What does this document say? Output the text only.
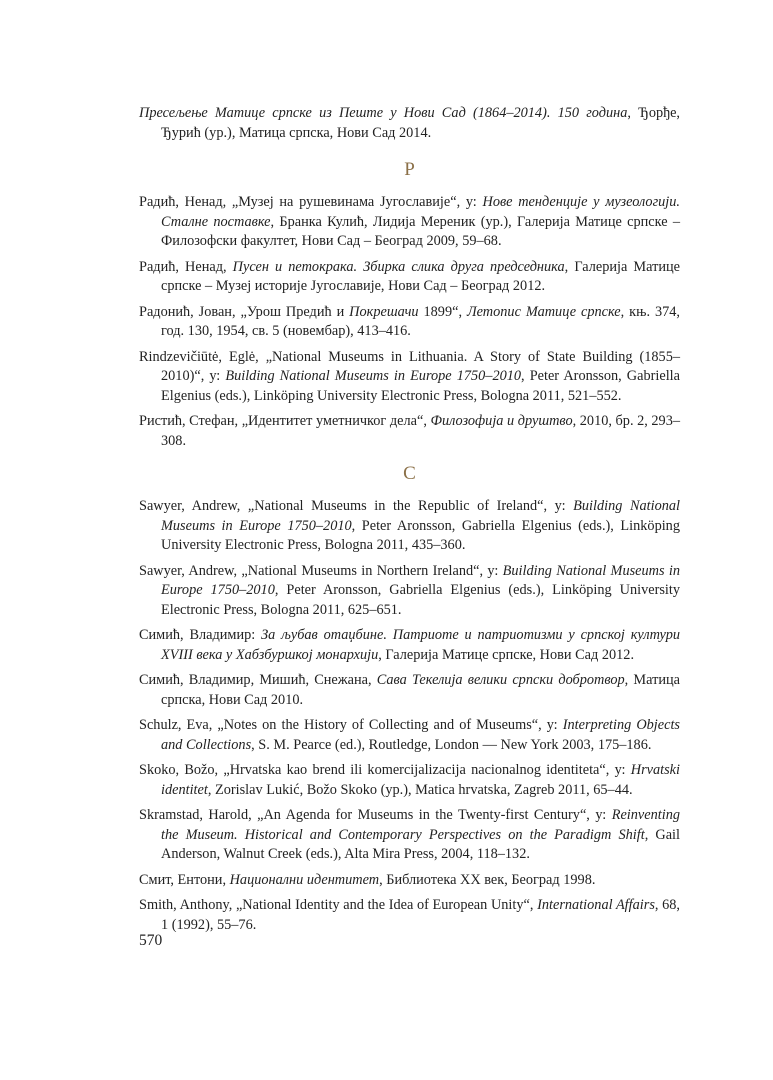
Пресељење Матице српске из Пеште у Нови Сад (1864–2014). 150 година, Ђорђе, Ђурић (ур.), Матица српска, Нови Сад 2014.

Р

Радић, Ненад, „Музеј на рушевинама Југославије“, у: Нове тенденције у музеологији. Сталне поставке, Бранка Кулић, Лидија Мереник (ур.), Галерија Матице српске – Филозофски факултет, Нови Сад – Београд 2009, 59–68.

Радић, Ненад, Пусен и петокрака. Збирка слика друга председника, Галерија Матице српске – Музеј историје Југославије, Нови Сад – Београд 2012.

Радонић, Јован, „Урош Предић и Покрешачи 1899“, Летопис Матице српске, књ. 374, год. 130, 1954, св. 5 (новембар), 413–416.

Rindzevičiūtė, Eglė, „National Museums in Lithuania. A Story of State Building (1855–2010)“, у: Building National Museums in Europe 1750–2010, Peter Aronsson, Gabriella Elgenius (eds.), Linköping University Electronic Press, Bologna 2011, 521–552.

Ристић, Стефан, „Идентитет уметничког дела“, Филозофија и друштво, 2010, бр. 2, 293–308.

С

Sawyer, Andrew, „National Museums in the Republic of Ireland“, у: Building National Museums in Europe 1750–2010, Peter Aronsson, Gabriella Elgenius (eds.), Linköping University Electronic Press, Bologna 2011, 435–360.

Sawyer, Andrew, „National Museums in Northern Ireland“, у: Building National Museums in Europe 1750–2010, Peter Aronsson, Gabriella Elgenius (eds.), Linköping University Electronic Press, Bologna 2011, 625–651.

Симић, Владимир: За љубав отаџбине. Патриоте и патриотизми у српској култури XVIII века у Хабзбуршкој монархији, Галерија Матице српске, Нови Сад 2012.

Симић, Владимир, Мишић, Снежана, Сава Текелија велики српски добротвор, Матица српска, Нови Сад 2010.

Schulz, Eva, „Notes on the History of Collecting and of Museums“, у: Interpreting Objects and Collections, S. M. Pearce (ed.), Routledge, London — New York 2003, 175–186.

Skoko, Božo, „Hrvatska kao brend ili komercijalizacija nacionalnog identiteta“, у: Hrvatski identitet, Zorislav Lukić, Božo Skoko (ур.), Matica hrvatska, Zagreb 2011, 65–44.

Skramstad, Harold, „An Agenda for Museums in the Twenty-first Century“, у: Reinventing the Museum. Historical and Contemporary Perspectives on the Paradigm Shift, Gail Anderson, Walnut Creek (eds.), Alta Mira Press, 2004, 118–132.

Смит, Ентони, Национални идентитет, Библиотека XX век, Београд 1998.

Smith, Anthony, „National Identity and the Idea of European Unity“, International Affairs, 68, 1 (1992), 55–76.

570
